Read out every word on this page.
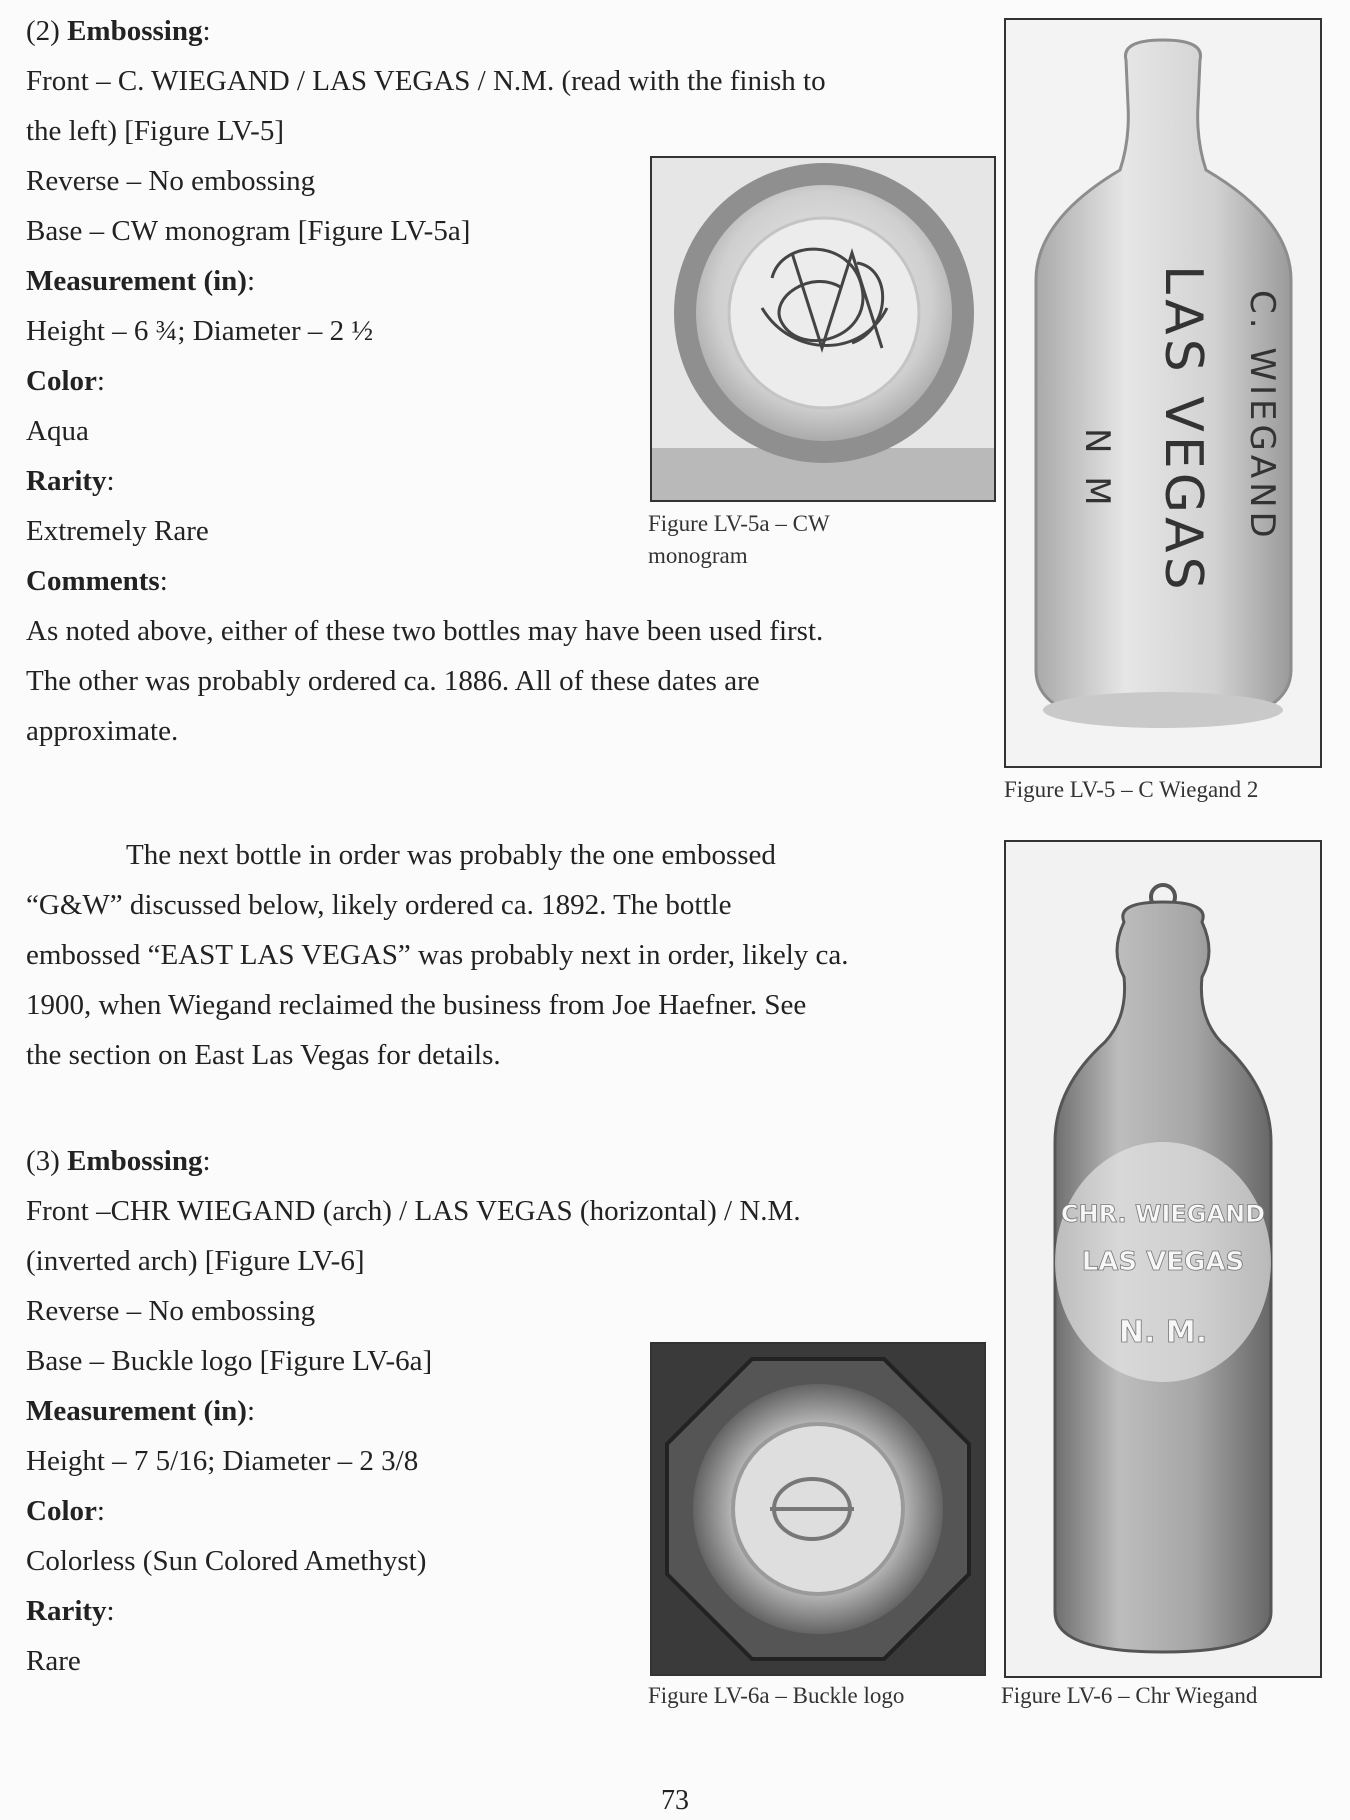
(2) Embossing:
Front – C. WIEGAND / LAS VEGAS / N.M. (read with the finish to
the left) [Figure LV-5]
Reverse – No embossing
Base – CW monogram [Figure LV-5a]
Measurement (in):
Height – 6 ¾; Diameter – 2 ½
Color:
Aqua
Rarity:
Extremely Rare
Comments:
As noted above, either of these two bottles may have been used first.
The other was probably ordered ca. 1886. All of these dates are
approximate.
The next bottle in order was probably the one embossed
“G&W” discussed below, likely ordered ca. 1892. The bottle
embossed “EAST LAS VEGAS” was probably next in order, likely ca.
1900, when Wiegand reclaimed the business from Joe Haefner. See
the section on East Las Vegas for details.
(3) Embossing:
Front –CHR WIEGAND (arch) / LAS VEGAS (horizontal) / N.M.
(inverted arch) [Figure LV-6]
Reverse – No embossing
Base – Buckle logo [Figure LV-6a]
Measurement (in):
Height – 7 5/16; Diameter – 2 3/8
Color:
Colorless (Sun Colored Amethyst)
Rarity:
Rare
Figure LV-5a – CW
monogram
C. WIEGAND
LAS VEGAS
N M
Figure LV-5 – C Wiegand 2
CHR. WIEGAND
LAS VEGAS
N. M.
Figure LV-6 – Chr Wiegand
Figure LV-6a – Buckle logo
73
